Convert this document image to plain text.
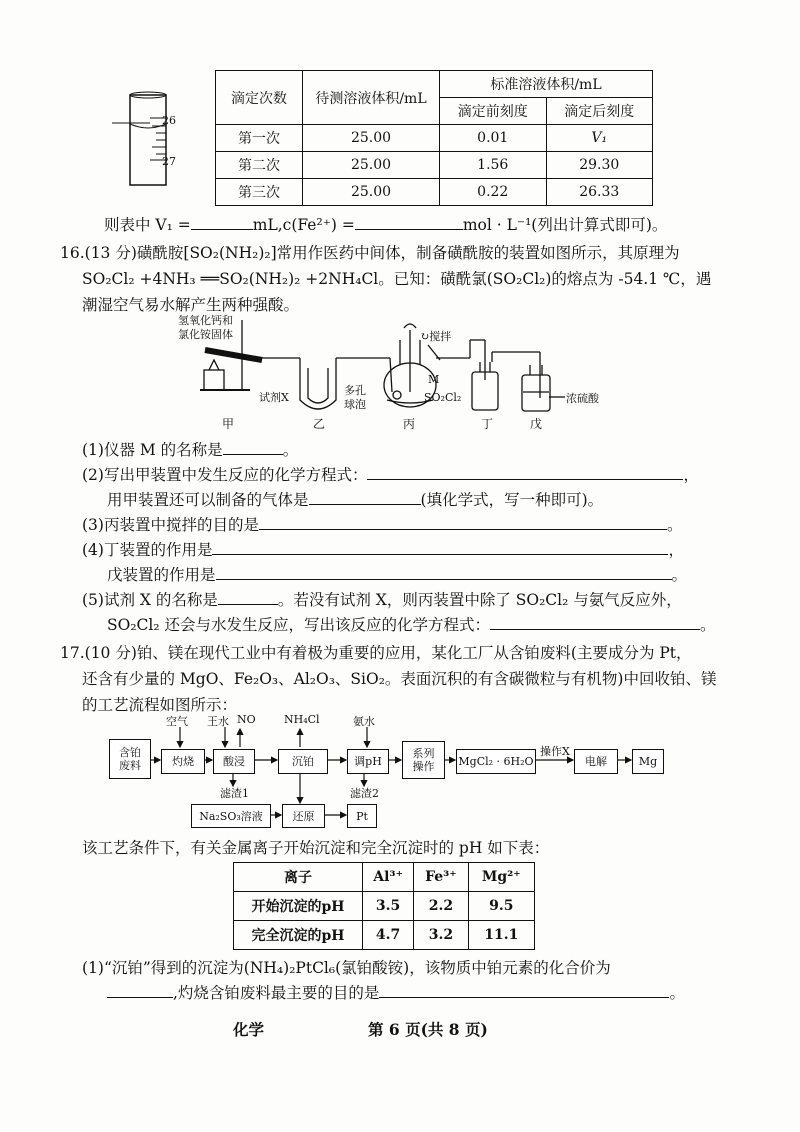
26
27
滴定次数	待测溶液体积/mL	标准溶液体积/mL	
		滴定前刻度	滴定后刻度
第一次	25.00	0.01	V₁
第二次	25.00	1.56	29.30
第三次	25.00	0.22	26.33
则表中 V₁ =	mL,c(Fe²⁺) =	mol · L⁻¹(列出计算式即可)。
16.(13 分)磺酰胺[SO₂(NH₂)₂]常用作医药中间体，制备磺酰胺的装置如图所示，其原理为
SO₂Cl₂ +4NH₃ ══SO₂(NH₂)₂ +2NH₄Cl。已知：磺酰氯(SO₂Cl₂)的熔点为 -54.1 ℃，遇
潮湿空气易水解产生两种强酸。
氢氧化钙和
氯化铵固体	↻搅拌
试剂X
多孔
球泡
M
SO₂Cl₂	浓硫酸
甲	乙	丙	丁	戊
(1)仪器 M 的名称是	。
(2)写出甲装置中发生反应的化学方程式：	，
用甲装置还可以制备的气体是	(填化学式，写一种即可)。
(3)丙装置中搅拌的目的是	。
(4)丁装置的作用是	，
戊装置的作用是	。
(5)试剂 X 的名称是	。若没有试剂 X，则丙装置中除了 SO₂Cl₂ 与氨气反应外，
SO₂Cl₂ 还会与水发生反应，写出该反应的化学方程式：	。
17.(10 分)铂、镁在现代工业中有着极为重要的应用，某化工厂从含铂废料(主要成分为 Pt，
还含有少量的 MgO、Fe₂O₃、Al₂O₃、SiO₂。表面沉积的有含碳微粒与有机物)中回收铂、镁
的工艺流程如图所示：
含铂
废料	灼烧	酸浸	沉铂	调pH
系列
操作 MgCl₂ · 6H₂O
操作X
电解	Mg
Na₂SO₃溶液	还原	Pt
空气 王水 NO	NH₄Cl	氨水
滤渣1	滤渣2
该工艺条件下，有关金属离子开始沉淀和完全沉淀时的 pH 如下表：
离子	Al³⁺	Fe³⁺	Mg²⁺
开始沉淀的pH	3.5	2.2	9.5
完全沉淀的pH	4.7	3.2	11.1
(1)“沉铂”得到的沉淀为(NH₄)₂PtCl₆(氯铂酸铵)，该物质中铂元素的化合价为
,灼烧含铂废料最主要的目的是	。
化学	第 6 页(共 8 页)
